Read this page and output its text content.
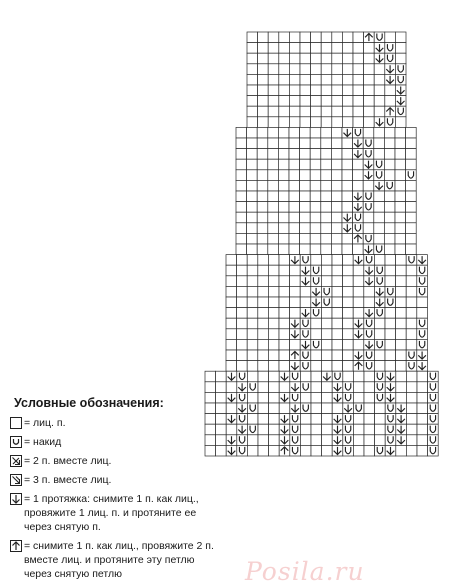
Условные обозначения:
= лиц. п.
= накид
= 2 п. вместе лиц.
= 3 п. вместе лиц.
= 1 протяжка: снимите 1 п. как лиц., провяжите 1 лиц. п. и протяните ее через снятую п.
= снимите 1 п. как лиц., провяжите 2 п. вместе лиц. и протяните эту петлю через снятую петлю	Posila.ru
